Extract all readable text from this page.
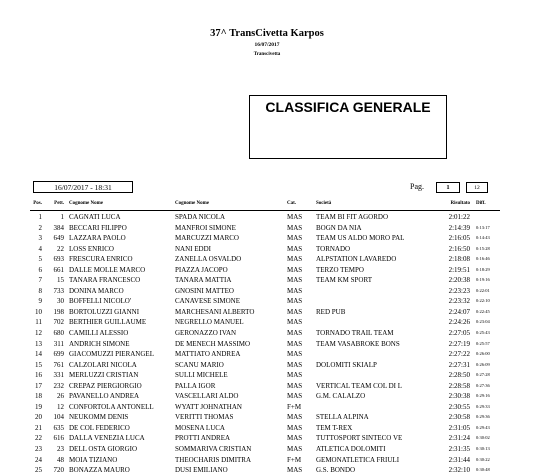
37^ TransCivetta Karpos
16/07/2017
Transcivetta
CLASSIFICA GENERALE
16/07/2017 - 18:31	Pag.	1	12
Pos.	Pett. Cognome Nome	Cognome Nome	Cat.	Società	Risultato Diff.
1	1 CAGNATI LUCA	SPADA NICOLA	MAS	TEAM BI FIT AGORDO	2:01:22
2	384 BECCARI FILIPPO	MANFROI SIMONE	MAS	BOGN DA NIA	2:14:39 0:13:17
3	649 LAZZARA PAOLO	MARCUZZI MARCO	MAS	TEAM US ALDO MORO PAL	2:16:05 0:14:43
4	22 LOSS ENRICO	NANI EDDI	MAS	TORNADO	2:16:50 0:15:28
5	693 FRESCURA ENRICO	ZANELLA OSVALDO	MAS	ALPSTATION LAVAREDO	2:18:08 0:16:46
6	661 DALLE MOLLE MARCO	PIAZZA JACOPO	MAS	TERZO TEMPO	2:19:51 0:18:29
7	15 TANARA FRANCESCO	TANARA MATTIA	MAS	TEAM KM SPORT	2:20:38 0:19:16
8	733 DONINA MARCO	GNOSINI MATTEO	MAS	2:23:23 0:22:01
9	30 BOFFELLI NICOLO'	CANAVESE SIMONE	MAS	2:23:32 0:22:10
10	198 BORTOLUZZI GIANNI	MARCHESANI ALBERTO	MAS	RED PUB	2:24:07 0:22:45
11	702 BERTHIER GUILLAUME	NEGRELLO MANUEL	MAS	2:24:26 0:23:04
12	680 CAMILLI ALESSIO	GERONAZZO IVAN	MAS	TORNADO TRAIL TEAM	2:27:05 0:25:43
13	311 ANDRICH SIMONE	DE MENECH MASSIMO	MAS	TEAM VASABROKE BONS	2:27:19 0:25:57
14	699 GIACOMUZZI PIERANGEL	MATTIATO ANDREA	MAS	2:27:22 0:26:00
15	761 CALZOLARI NICOLA	SCANU MARIO	MAS	DOLOMITI SKIALP	2:27:31 0:26:09
16	331 MERLUZZI CRISTIAN	SULLI MICHELE	MAS	2:28:50 0:27:28
17	232 CREPAZ PIERGIORGIO	PALLA IGOR	MAS	VERTICAL TEAM COL DI L	2:28:58 0:27:36
18	26 PAVANELLO ANDREA	VASCELLARI ALDO	MAS	G.M. CALALZO	2:30:38 0:29:16
19	12 CONFORTOLA ANTONELL	WYATT JOHNATHAN	F+M	2:30:55 0:29:33
20	104 NEUKOMM DENIS	VERITTI THOMAS	MAS	STELLA ALPINA	2:30:58 0:29:36
21	635 DE COL FEDERICO	MOSENA LUCA	MAS	TEM T-REX	2:31:05 0:29:43
22	616 DALLA VENEZIA LUCA	PROTTI ANDREA	MAS	TUTTOSPORT SINTECO VE	2:31:24 0:30:02
23	23 DELL OSTA GIORGIO	SOMMARIVA CRISTIAN	MAS	ATLETICA DOLOMITI	2:31:35 0:30:13
24	48 MOIA TIZIANO	THEOCHARIS DIMITRA	F+M	GEMONATLETICA FRIULI	2:31:44 0:30:22
25	720 BONAZZA MAURO	DUSI EMILIANO	MAS	G.S. BONDO	2:32:10 0:30:48
